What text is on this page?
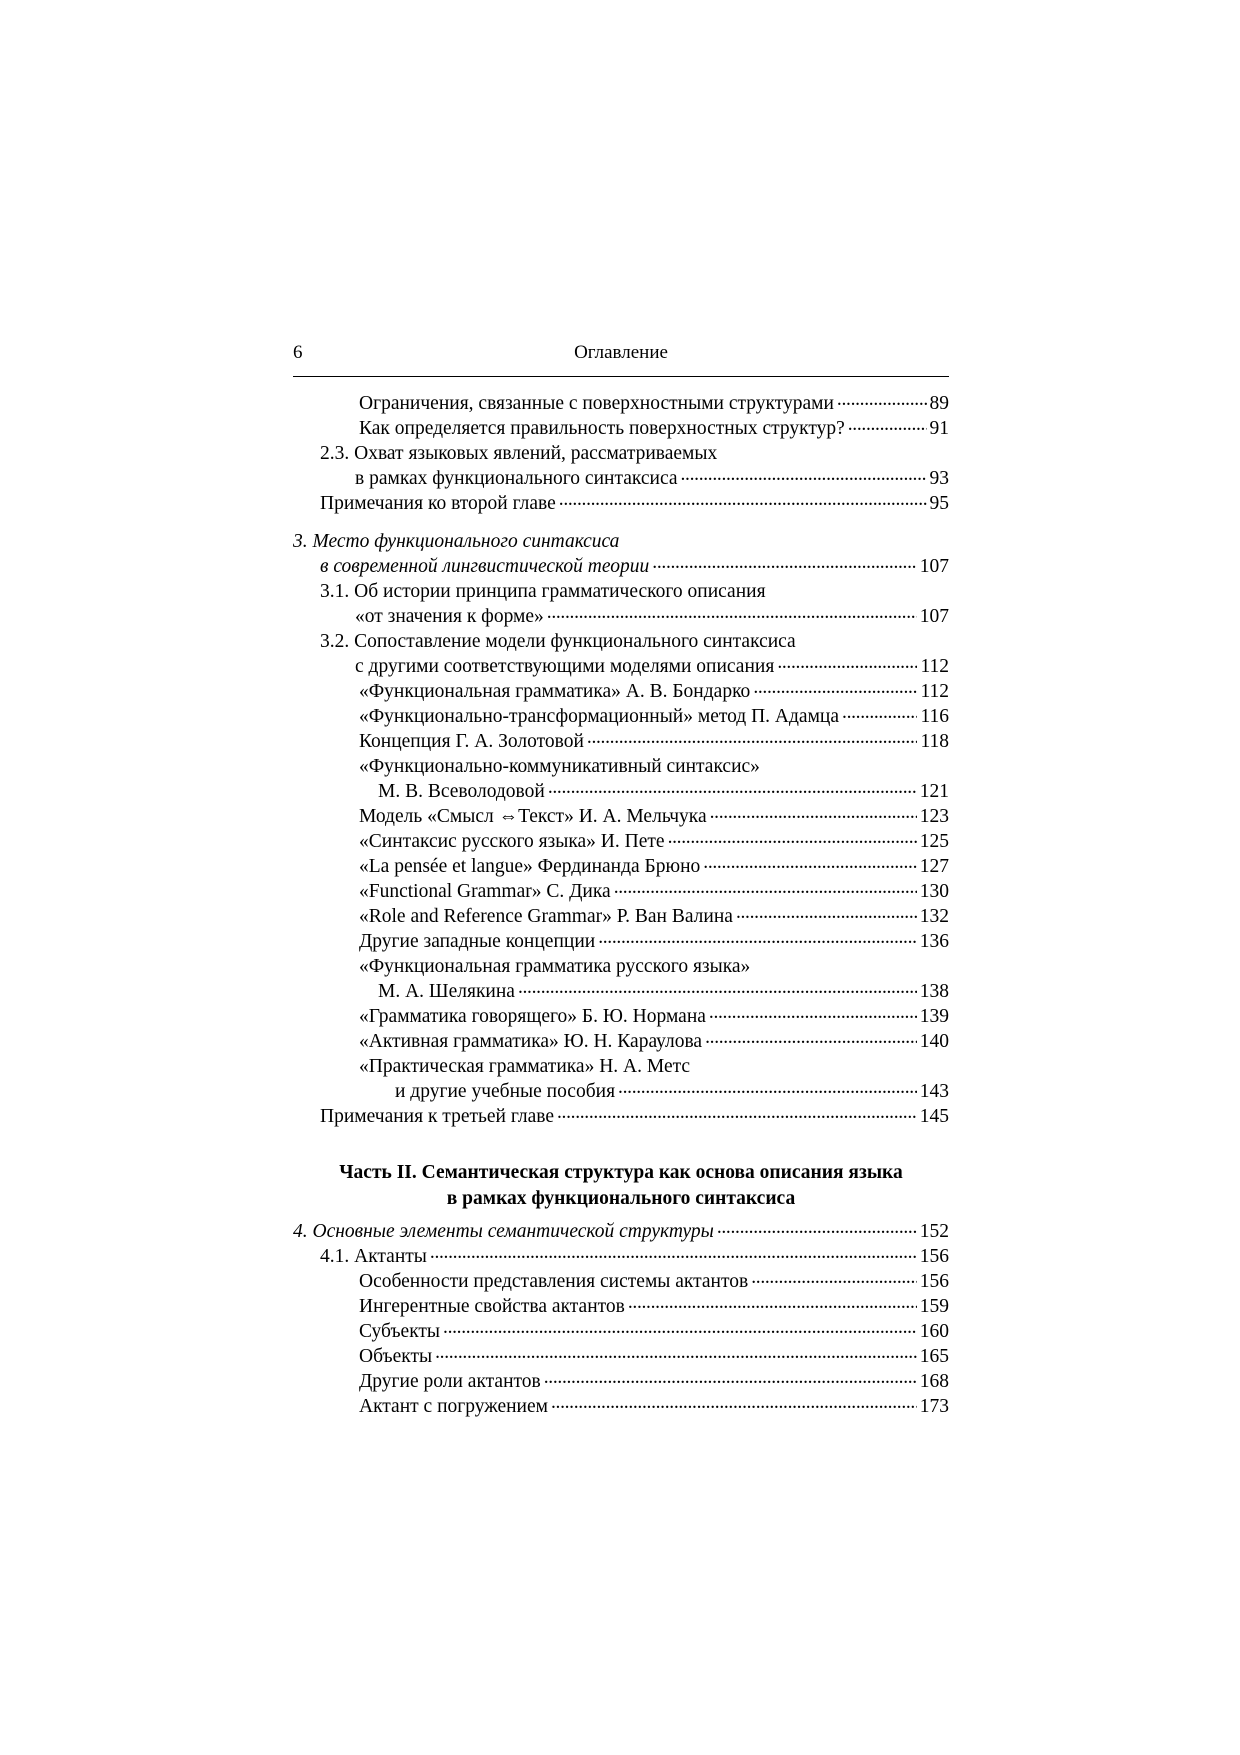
6	Оглавление
Ограничения, связанные с поверхностными структурами . . .	89
Как определяется правильность поверхностных структур? . . .	91
2.3. Охват языковых явлений, рассматриваемых
в рамках функционального синтаксиса . . .	93
Примечания ко второй главе . . .	95
3. Место функционального синтаксиса
в современной лингвистической теории . . .	107
3.1. Об истории принципа грамматического описания
«от значения к форме» . . .	107
3.2. Сопоставление модели функционального синтаксиса
с другими соответствующими моделями описания . . .	112
«Функциональная грамматика» А. В. Бондарко . . .	112
«Функционально-трансформационный» метод П. Адамца . . .	116
Концепция Г. А. Золотовой . . .	118
«Функционально-коммуникативный синтаксис»
М. В. Всеволодовой . . .	121
Модель «Смысл ⇔Текст» И. А. Мельчука . . .	123
«Синтаксис русского языка» И. Пете . . .	125
«La pensée et langue» Фердинанда Брюно . . .	127
«Functional Grammar» С. Дика . . .	130
«Role and Reference Grammar» Р. Ван Валина . . .	132
Другие западные концепции . . .	136
«Функциональная грамматика русского языка»
М. А. Шелякина . . .	138
«Грамматика говорящего» Б. Ю. Нормана . . .	139
«Активная грамматика» Ю. Н. Караулова . . .	140
«Практическая грамматика» Н. А. Метс
и другие учебные пособия . . .	143
Примечания к третьей главе . . .	145
Часть II. Семантическая структура как основа описания языка
в рамках функционального синтаксиса
4. Основные элементы семантической структуры . . .	152
4.1. Актанты . . .	156
Особенности представления системы актантов . . .	156
Ингерентные свойства актантов . . .	159
Субъекты . . .	160
Объекты . . .	165
Другие роли актантов . . .	168
Актант с погружением . . .	173
